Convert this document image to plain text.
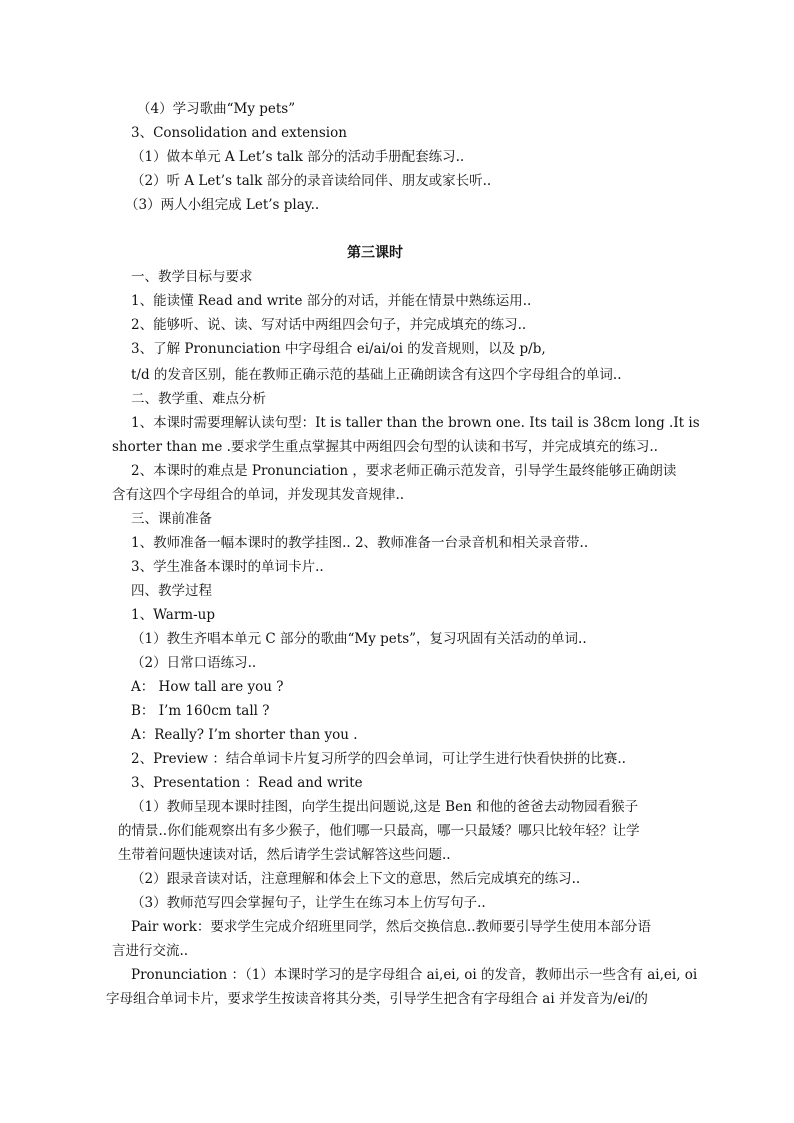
（4）学习歌曲“My pets”
3、Consolidation and extension
（1）做本单元 A Let’s talk 部分的活动手册配套练习..
（2）听 A Let’s talk 部分的录音读给同伴、朋友或家长听..
（3）两人小组完成 Let’s play..
第三课时
一、教学目标与要求
1、能读懂 Read and write 部分的对话，并能在情景中熟练运用..
2、能够听、说、读、写对话中两组四会句子，并完成填充的练习..
3、了解 Pronunciation 中字母组合 ei/ai/oi 的发音规则，以及 p/b,
t/d 的发音区别，能在教师正确示范的基础上正确朗读含有这四个字母组合的单词..
二、教学重、难点分析
1、本课时需要理解认读句型：It is taller than the brown one. Its tail is 38cm long .It is
shorter than me .要求学生重点掌握其中两组四会句型的认读和书写，并完成填充的练习..
2、本课时的难点是 Pronunciation ，要求老师正确示范发音，引导学生最终能够正确朗读
含有这四个字母组合的单词，并发现其发音规律..
三、课前准备
1、教师准备一幅本课时的教学挂图.. 2、教师准备一台录音机和相关录音带..
3、学生准备本课时的单词卡片..
四、教学过程
1、Warm-up
（1）教生齐唱本单元 C 部分的歌曲“My pets”，复习巩固有关活动的单词..
（2）日常口语练习..
A： How tall are you ?
B： I’m 160cm tall ?
A：Really? I’m shorter than you .
2、Preview ：结合单词卡片复习所学的四会单词，可让学生进行快看快拼的比赛..
3、Presentation ：Read and write
（1）教师呈现本课时挂图，向学生提出问题说,这是 Ben 和他的爸爸去动物园看猴子
的情景..你们能观察出有多少猴子，他们哪一只最高，哪一只最矮？哪只比较年轻？让学
生带着问题快速读对话，然后请学生尝试解答这些问题..
（2）跟录音读对话，注意理解和体会上下文的意思，然后完成填充的练习..
（3）教师范写四会掌握句子，让学生在练习本上仿写句子..
Pair work：要求学生完成介绍班里同学，然后交换信息..教师要引导学生使用本部分语
言进行交流..
Pronunciation ：（1）本课时学习的是字母组合 ai,ei, oi 的发音，教师出示一些含有 ai,ei, oi
字母组合单词卡片，要求学生按读音将其分类，引导学生把含有字母组合 ai 并发音为/ei/的
